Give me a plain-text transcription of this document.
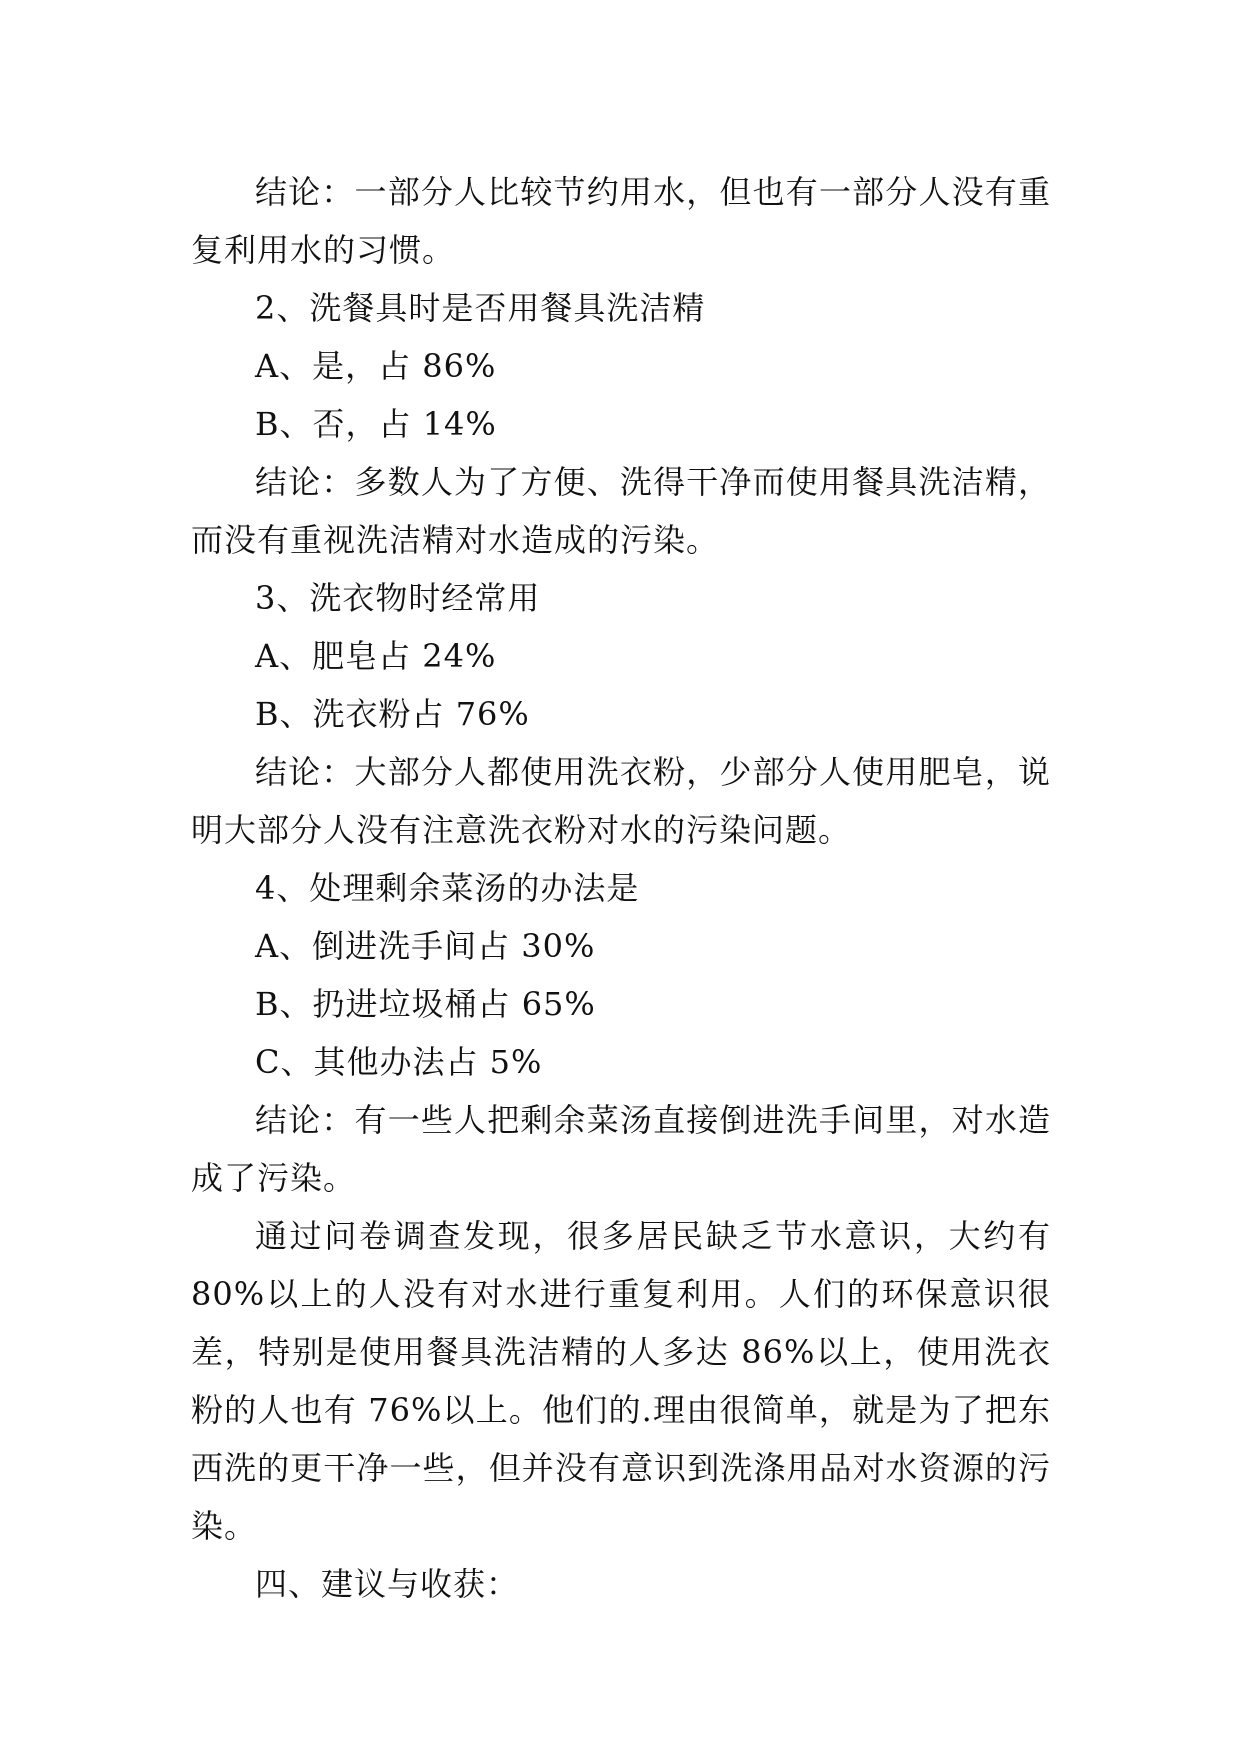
结论：一部分人比较节约用水，但也有一部分人没有重复利用水的习惯。

2、洗餐具时是否用餐具洗洁精

A、是，占 86%

B、否，占 14%

结论：多数人为了方便、洗得干净而使用餐具洗洁精，而没有重视洗洁精对水造成的污染。

3、洗衣物时经常用

A、肥皂占 24%

B、洗衣粉占 76%

结论：大部分人都使用洗衣粉，少部分人使用肥皂，说明大部分人没有注意洗衣粉对水的污染问题。

4、处理剩余菜汤的办法是

A、倒进洗手间占 30%

B、扔进垃圾桶占 65%

C、其他办法占 5%

结论：有一些人把剩余菜汤直接倒进洗手间里，对水造成了污染。

通过问卷调查发现，很多居民缺乏节水意识，大约有 80%以上的人没有对水进行重复利用。人们的环保意识很差，特别是使用餐具洗洁精的人多达 86%以上，使用洗衣粉的人也有 76%以上。他们的.理由很简单，就是为了把东西洗的更干净一些，但并没有意识到洗涤用品对水资源的污染。

四、建议与收获：
